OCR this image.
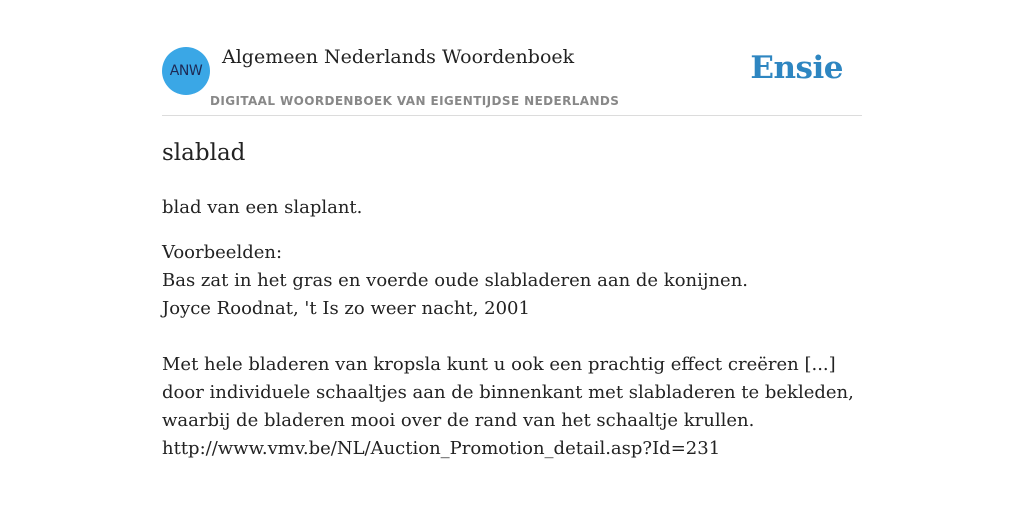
ANW
Algemeen Nederlands Woordenboek
DIGITAAL WOORDENBOEK VAN EIGENTIJDSE NEDERLANDS
Ensie
slablad
blad van een slaplant.
Voorbeelden:
Bas zat in het gras en voerde oude slabladeren aan de konijnen.
Joyce Roodnat, 't Is zo weer nacht, 2001
Met hele bladeren van kropsla kunt u ook een prachtig effect creëren [...] door individuele schaaltjes aan de binnenkant met slabladeren te bekleden, waarbij de bladeren mooi over de rand van het schaaltje krullen.
http://www.vmv.be/NL/Auction_Promotion_detail.asp?Id=231
